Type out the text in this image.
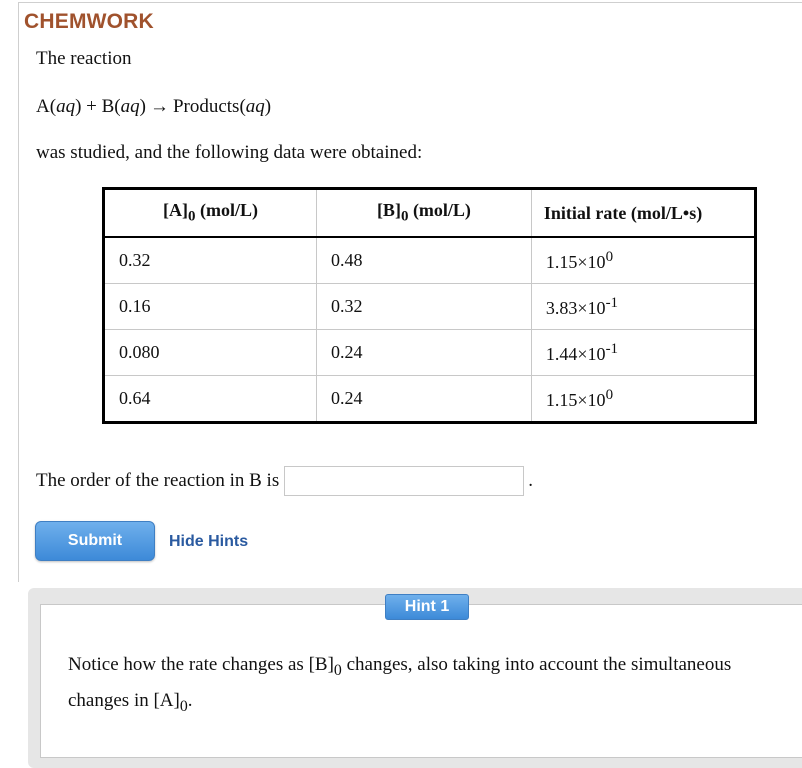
CHEMWORK
The reaction
A(aq) + B(aq) → Products(aq)
was studied, and the following data were obtained:
$[A]_0$ (mol/L)	$[B]_0$ (mol/L)	Initial rate (mol/L•s)
0.32	0.48	$1.15\times 10^0$
0.16	0.32	$3.83\times 10^{-1}$
0.080	0.24	$1.44\times 10^{-1}$
0.64	0.24	$1.15\times 10^0$
The order of the reaction in B is	.
Submit	Hide Hints
Hint 1
Notice how the rate changes as $[B]_0$ changes, also taking into account the simultaneous changes in $[A]_0$.
